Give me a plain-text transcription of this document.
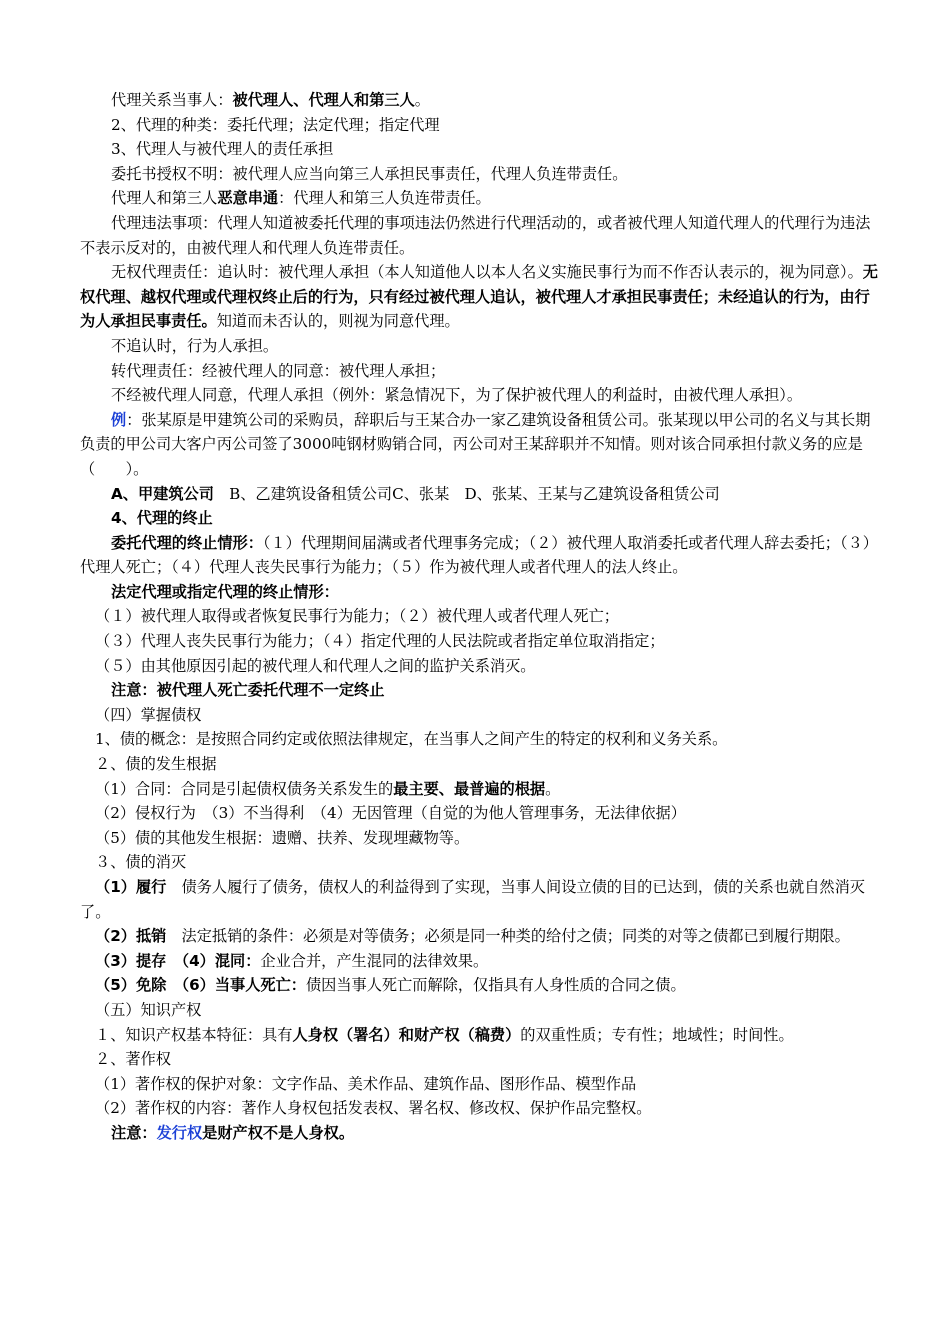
代理关系当事人：被代理人、代理人和第三人。

2、代理的种类：委托代理；法定代理；指定代理

3、代理人与被代理人的责任承担

委托书授权不明：被代理人应当向第三人承担民事责任，代理人负连带责任。

代理人和第三人恶意串通：代理人和第三人负连带责任。

代理违法事项：代理人知道被委托代理的事项违法仍然进行代理活动的，或者被代理人知道代理人的代理行为违法不表示反对的，由被代理人和代理人负连带责任。

无权代理责任：追认时：被代理人承担（本人知道他人以本人名义实施民事行为而不作否认表示的，视为同意）。无权代理、越权代理或代理权终止后的行为，只有经过被代理人追认，被代理人才承担民事责任；未经追认的行为，由行为人承担民事责任。知道而未否认的，则视为同意代理。

不追认时，行为人承担。

转代理责任：经被代理人的同意：被代理人承担；

不经被代理人同意，代理人承担（例外：紧急情况下，为了保护被代理人的利益时，由被代理人承担）。

例：张某原是甲建筑公司的采购员，辞职后与王某合办一家乙建筑设备租赁公司。张某现以甲公司的名义与其长期负责的甲公司大客户丙公司签了3000吨钢材购销合同，丙公司对王某辞职并不知情。则对该合同承担付款义务的应是（　　）。

A、甲建筑公司　B、乙建筑设备租赁公司C、张某　D、张某、王某与乙建筑设备租赁公司

4、代理的终止

委托代理的终止情形：（１）代理期间届满或者代理事务完成；（２）被代理人取消委托或者代理人辞去委托；（３）代理人死亡；（４）代理人丧失民事行为能力；（５）作为被代理人或者代理人的法人终止。

法定代理或指定代理的终止情形：

（１）被代理人取得或者恢复民事行为能力；（２）被代理人或者代理人死亡；

（３）代理人丧失民事行为能力；（４）指定代理的人民法院或者指定单位取消指定；

（５）由其他原因引起的被代理人和代理人之间的监护关系消灭。

注意：被代理人死亡委托代理不一定终止

（四）掌握债权

1、债的概念：是按照合同约定或依照法律规定，在当事人之间产生的特定的权利和义务关系。

２、债的发生根据

（1）合同：合同是引起债权债务关系发生的最主要、最普遍的根据。

（2）侵权行为　（3）不当得利　（4）无因管理（自觉的为他人管理事务，无法律依据）

（5）债的其他发生根据：遗赠、扶养、发现埋藏物等。

３、债的消灭

（1）履行　债务人履行了债务，债权人的利益得到了实现，当事人间设立债的目的已达到，债的关系也就自然消灭了。

（2）抵销　法定抵销的条件：必须是对等债务；必须是同一种类的给付之债；同类的对等之债都已到履行期限。

（3）提存　（4）混同：企业合并，产生混同的法律效果。

（5）免除　（6）当事人死亡：债因当事人死亡而解除，仅指具有人身性质的合同之债。

（五）知识产权

１、知识产权基本特征：具有人身权（署名）和财产权（稿费）的双重性质；专有性；地域性；时间性。

２、著作权

（1）著作权的保护对象：文字作品、美术作品、建筑作品、图形作品、模型作品

（2）著作权的内容：著作人身权包括发表权、署名权、修改权、保护作品完整权。

注意：发行权是财产权不是人身权。
